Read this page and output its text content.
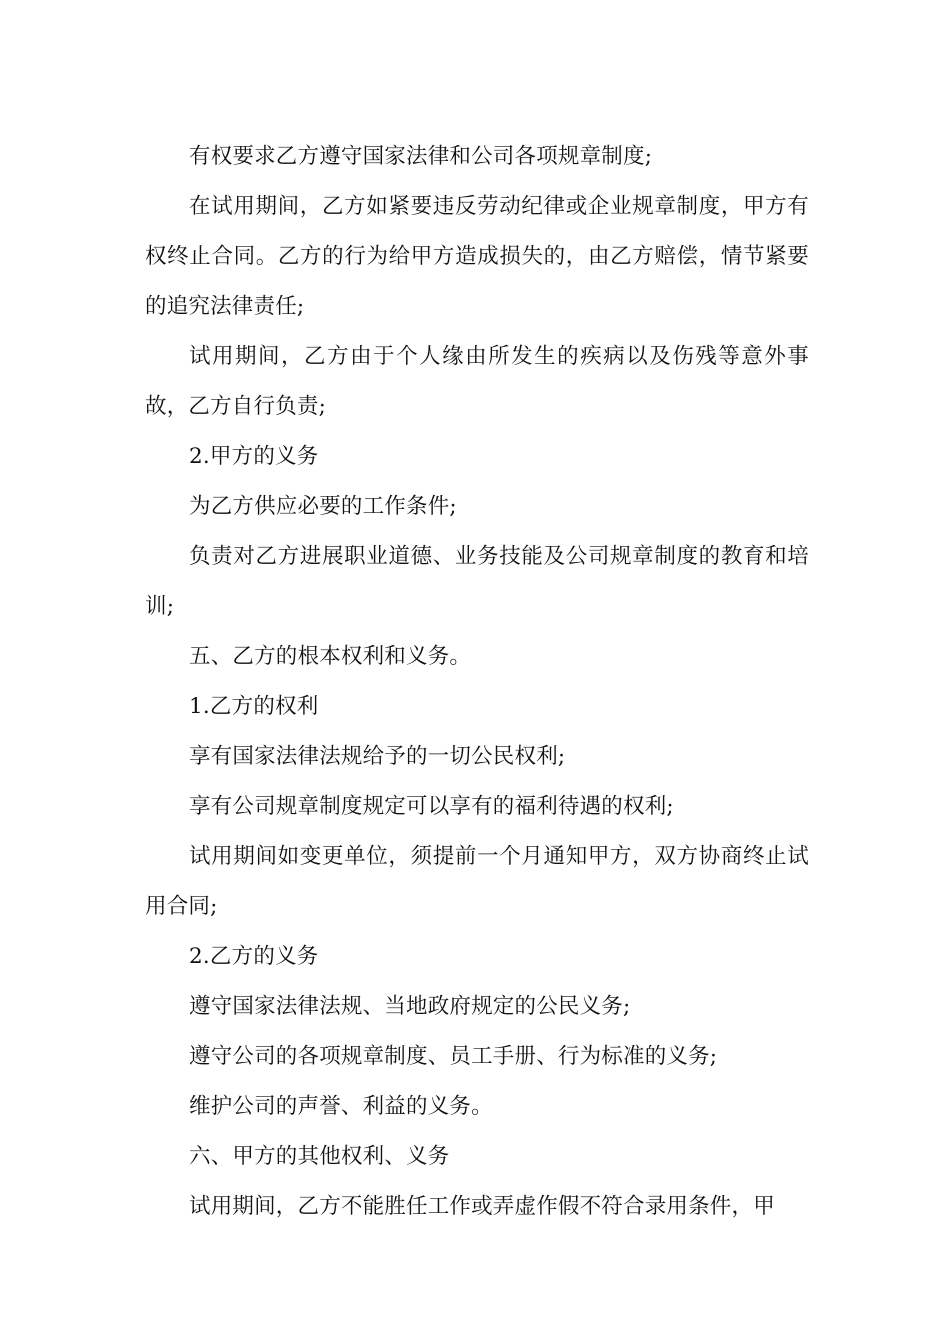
有权要求乙方遵守国家法律和公司各项规章制度;

在试用期间，乙方如紧要违反劳动纪律或企业规章制度，甲方有权终止合同。乙方的行为给甲方造成损失的，由乙方赔偿，情节紧要的追究法律责任;

试用期间，乙方由于个人缘由所发生的疾病以及伤残等意外事故，乙方自行负责;

2.甲方的义务

为乙方供应必要的工作条件;

负责对乙方进展职业道德、业务技能及公司规章制度的教育和培训;

五、乙方的根本权利和义务。

1.乙方的权利

享有国家法律法规给予的一切公民权利;

享有公司规章制度规定可以享有的福利待遇的权利;

试用期间如变更单位，须提前一个月通知甲方，双方协商终止试用合同;

2.乙方的义务

遵守国家法律法规、当地政府规定的公民义务;

遵守公司的各项规章制度、员工手册、行为标准的义务;

维护公司的声誉、利益的义务。

六、甲方的其他权利、义务

试用期间，乙方不能胜任工作或弄虚作假不符合录用条件，甲
